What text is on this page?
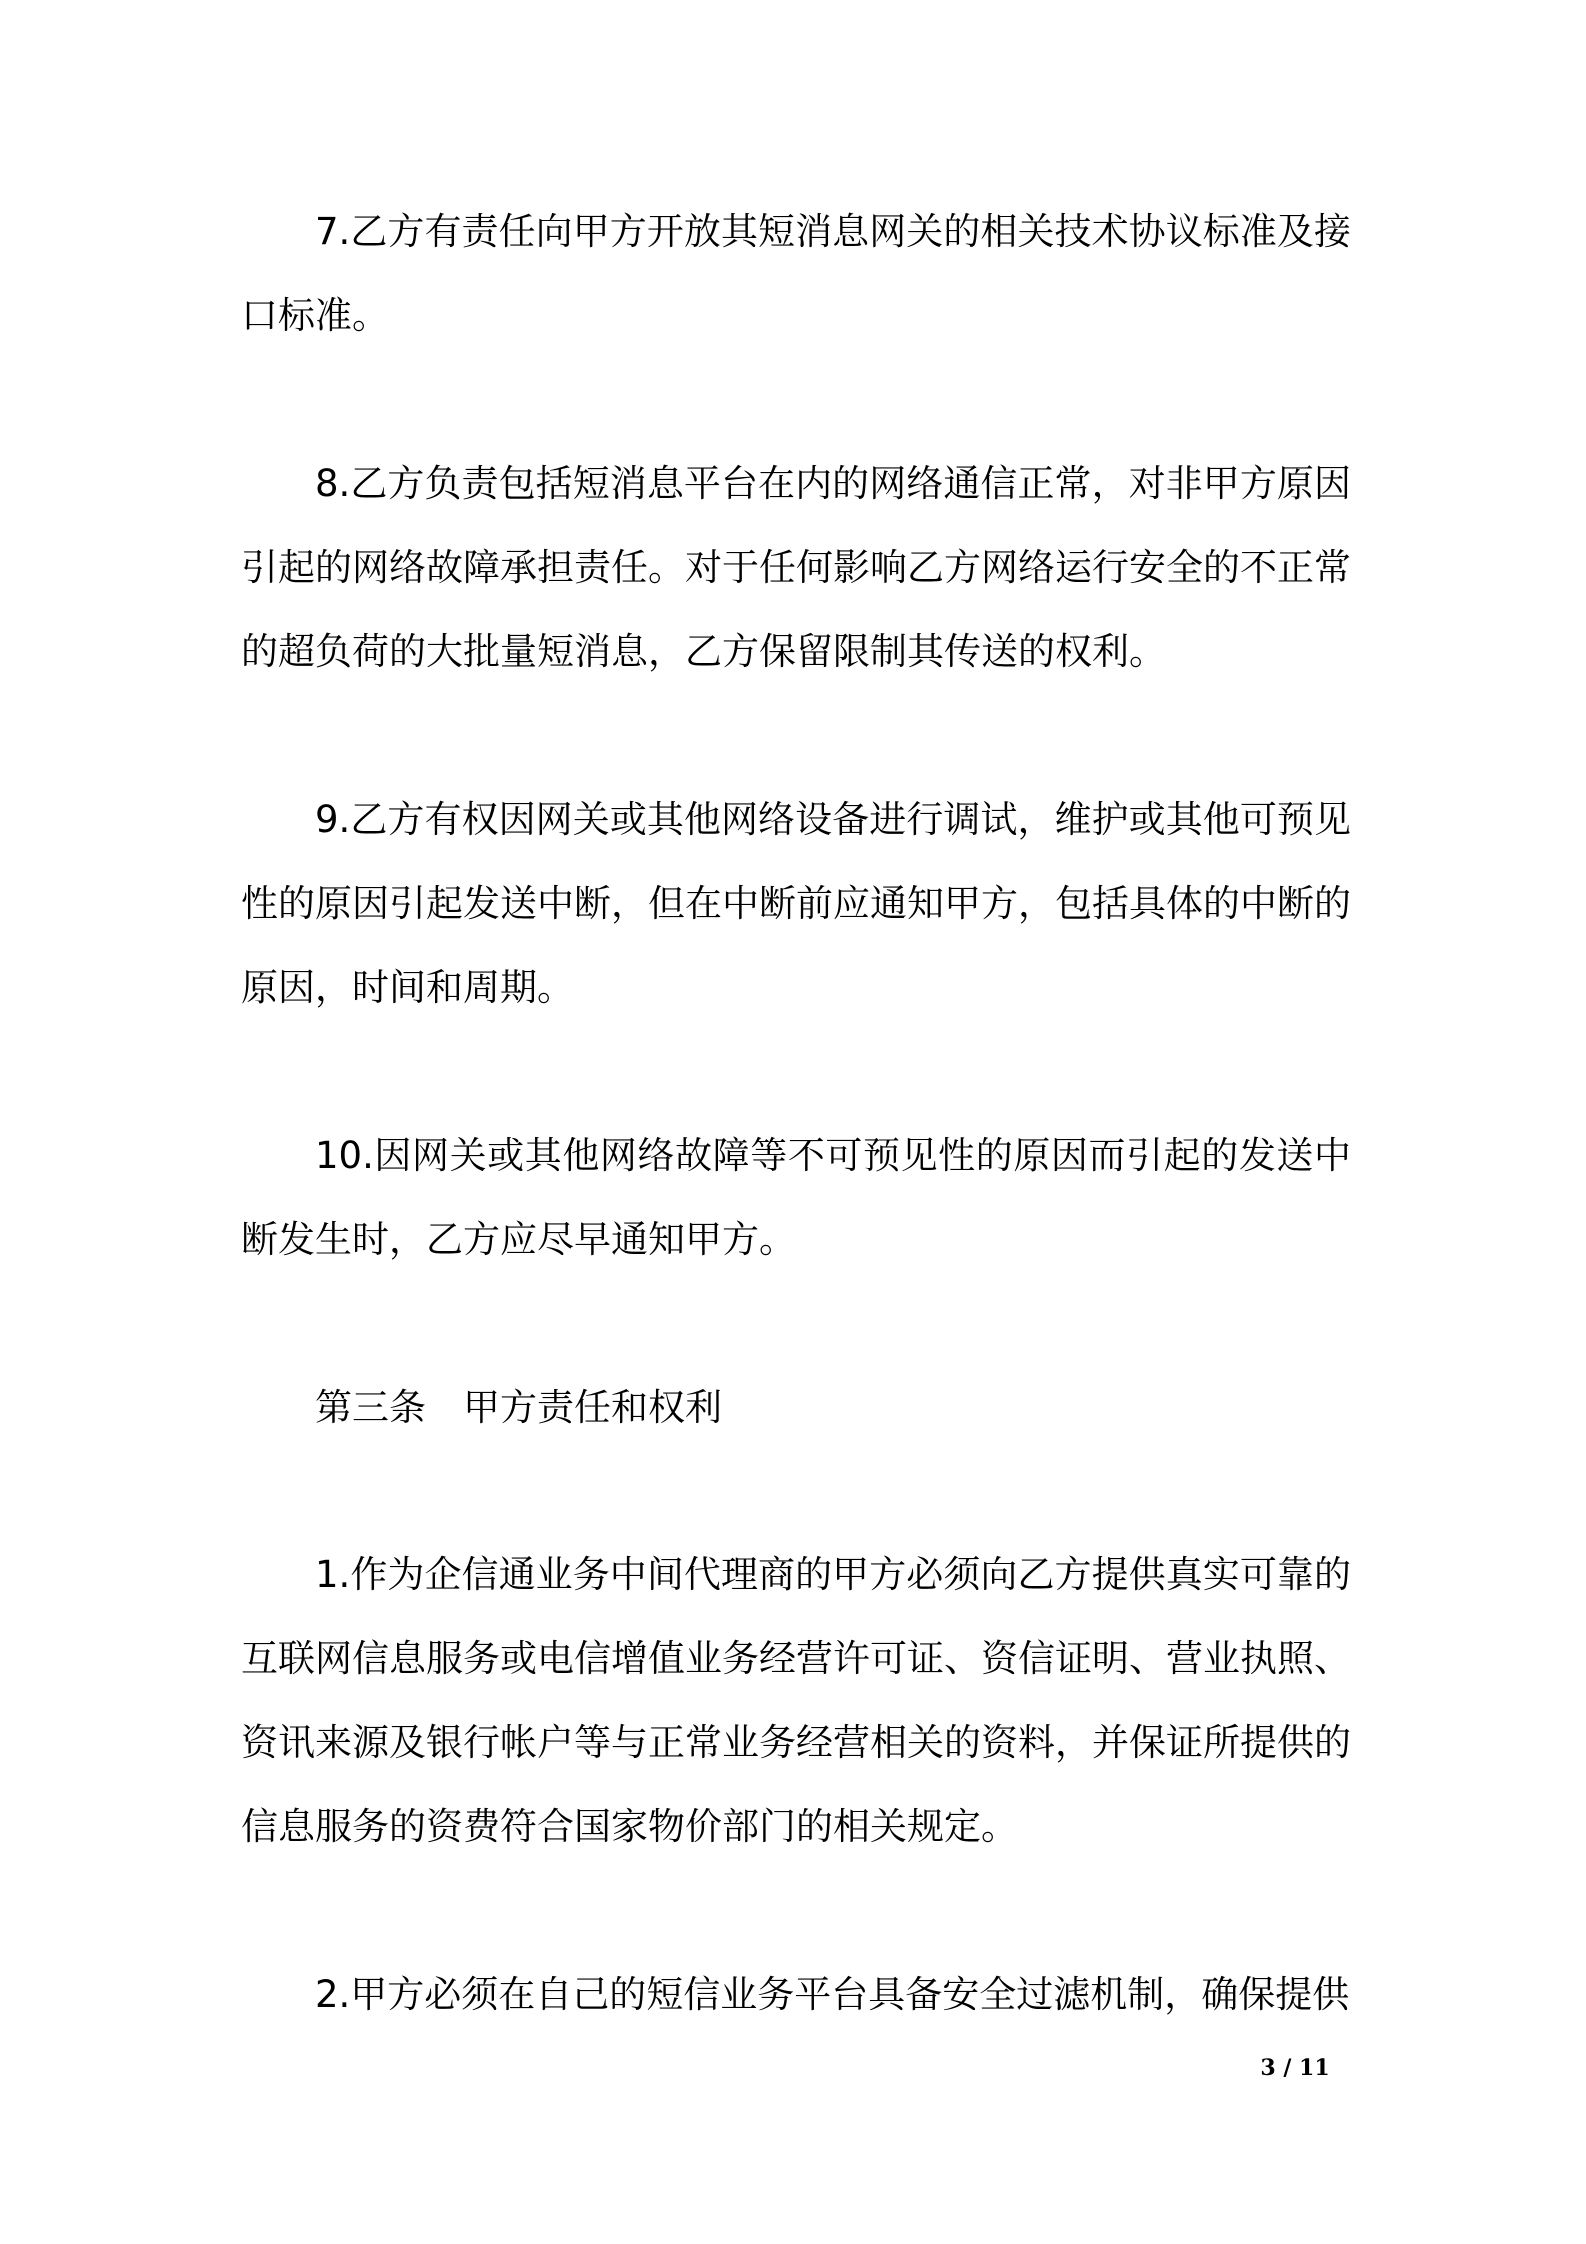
7.乙方有责任向甲方开放其短消息网关的相关技术协议标准及接口标准。

8.乙方负责包括短消息平台在内的网络通信正常，对非甲方原因引起的网络故障承担责任。对于任何影响乙方网络运行安全的不正常的超负荷的大批量短消息，乙方保留限制其传送的权利。

9.乙方有权因网关或其他网络设备进行调试，维护或其他可预见性的原因引起发送中断，但在中断前应通知甲方，包括具体的中断的原因，时间和周期。

10.因网关或其他网络故障等不可预见性的原因而引起的发送中断发生时，乙方应尽早通知甲方。

第三条　甲方责任和权利

1.作为企信通业务中间代理商的甲方必须向乙方提供真实可靠的互联网信息服务或电信增值业务经营许可证、资信证明、营业执照、资讯来源及银行帐户等与正常业务经营相关的资料，并保证所提供的信息服务的资费符合国家物价部门的相关规定。

2.甲方必须在自己的短信业务平台具备安全过滤机制，确保提供

3 / 11
